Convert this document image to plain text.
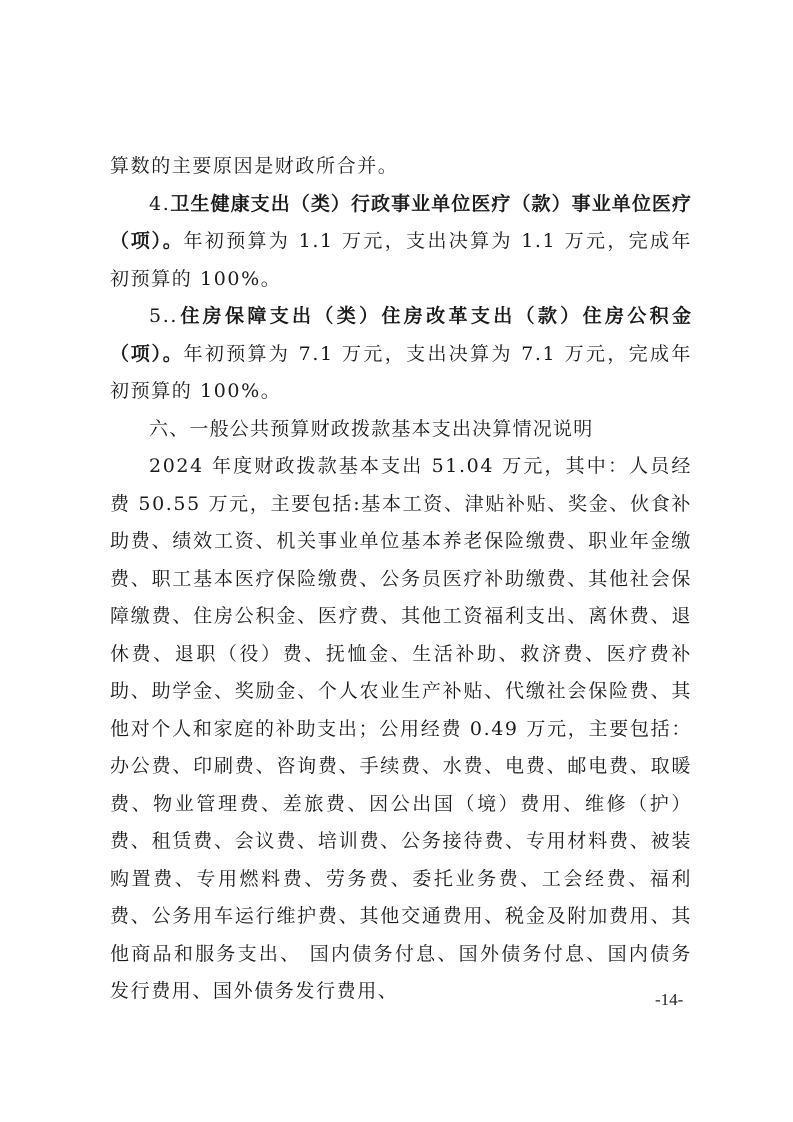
算数的主要原因是财政所合并。

4.卫生健康支出（类）行政事业单位医疗（款）事业单位医疗（项）。年初预算为 1.1 万元，支出决算为 1.1 万元，完成年初预算的 100%。

5..住房保障支出（类）住房改革支出（款）住房公积金（项）。年初预算为 7.1 万元，支出决算为 7.1 万元，完成年初预算的 100%。

六、一般公共预算财政拨款基本支出决算情况说明

2024 年度财政拨款基本支出 51.04 万元，其中：人员经费 50.55 万元，主要包括:基本工资、津贴补贴、奖金、伙食补助费、绩效工资、机关事业单位基本养老保险缴费、职业年金缴费、职工基本医疗保险缴费、公务员医疗补助缴费、其他社会保障缴费、住房公积金、医疗费、其他工资福利支出、离休费、退休费、退职（役）费、抚恤金、生活补助、救济费、医疗费补助、助学金、奖励金、个人农业生产补贴、代缴社会保险费、其他对个人和家庭的补助支出；公用经费 0.49 万元，主要包括：办公费、印刷费、咨询费、手续费、水费、电费、邮电费、取暖费、物业管理费、差旅费、因公出国（境）费用、维修（护）费、租赁费、会议费、培训费、公务接待费、专用材料费、被装购置费、专用燃料费、劳务费、委托业务费、工会经费、福利费、公务用车运行维护费、其他交通费用、税金及附加费用、其他商品和服务支出、 国内债务付息、国外债务付息、国内债务发行费用、国外债务发行费用、	-14-
